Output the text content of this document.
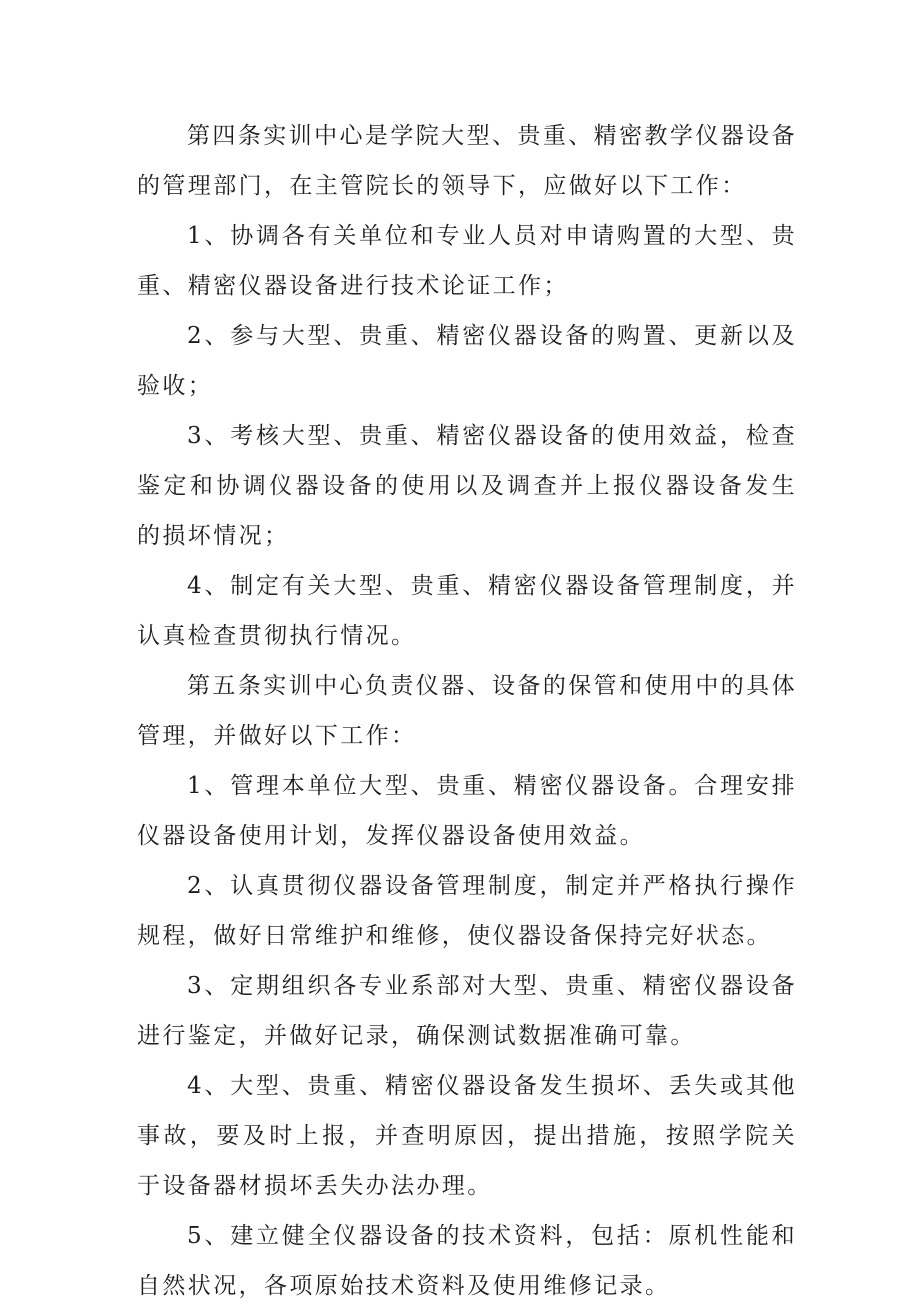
第四条实训中心是学院大型、贵重、精密教学仪器设备的管理部门，在主管院长的领导下，应做好以下工作：

1、协调各有关单位和专业人员对申请购置的大型、贵重、精密仪器设备进行技术论证工作；

2、参与大型、贵重、精密仪器设备的购置、更新以及验收；

3、考核大型、贵重、精密仪器设备的使用效益，检查鉴定和协调仪器设备的使用以及调查并上报仪器设备发生的损坏情况；

4、制定有关大型、贵重、精密仪器设备管理制度，并认真检查贯彻执行情况。

第五条实训中心负责仪器、设备的保管和使用中的具体管理，并做好以下工作：

1、管理本单位大型、贵重、精密仪器设备。合理安排仪器设备使用计划，发挥仪器设备使用效益。

2、认真贯彻仪器设备管理制度，制定并严格执行操作规程，做好日常维护和维修，使仪器设备保持完好状态。

3、定期组织各专业系部对大型、贵重、精密仪器设备进行鉴定，并做好记录，确保测试数据准确可靠。

4、大型、贵重、精密仪器设备发生损坏、丢失或其他事故，要及时上报，并查明原因，提出措施，按照学院关于设备器材损坏丢失办法办理。

5、建立健全仪器设备的技术资料，包括：原机性能和自然状况，各项原始技术资料及使用维修记录。
